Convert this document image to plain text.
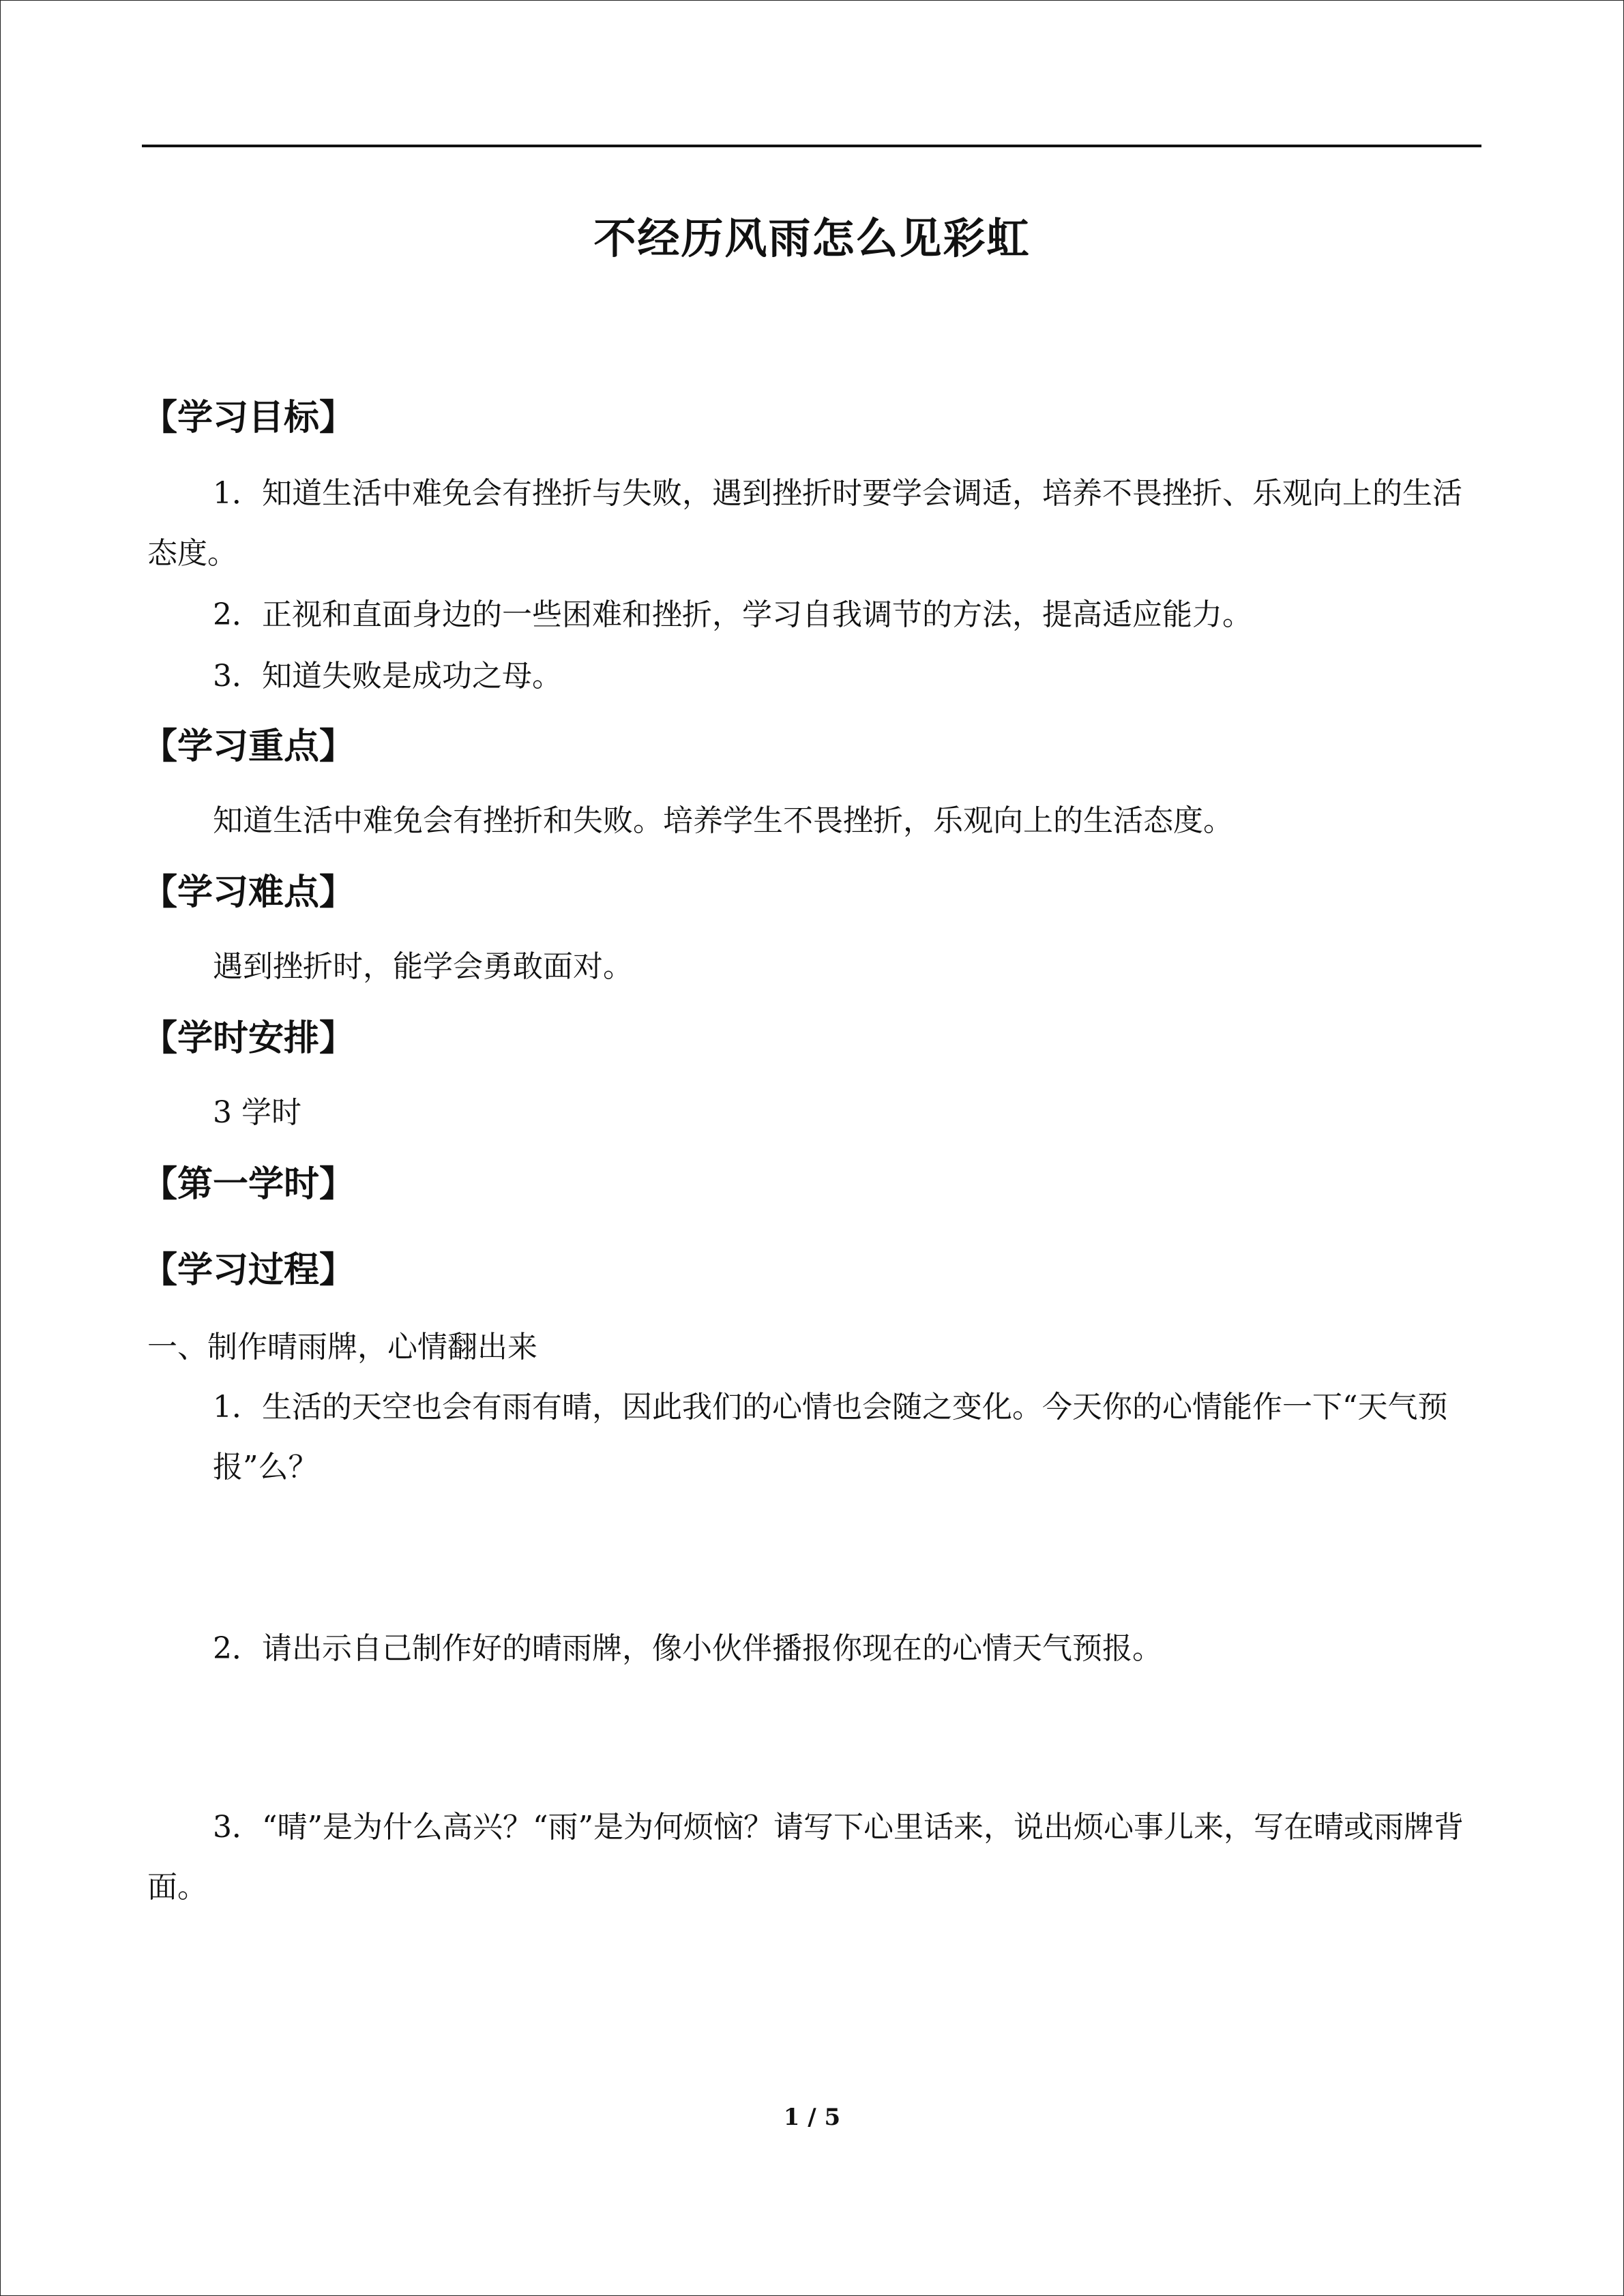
不经历风雨怎么见彩虹
【学习目标】
1．知道生活中难免会有挫折与失败，遇到挫折时要学会调适，培养不畏挫折、乐观向上的生活态度。
2．正视和直面身边的一些困难和挫折，学习自我调节的方法，提高适应能力。
3．知道失败是成功之母。
【学习重点】
知道生活中难免会有挫折和失败。培养学生不畏挫折，乐观向上的生活态度。
【学习难点】
遇到挫折时，能学会勇敢面对。
【学时安排】
3 学时
【第一学时】
【学习过程】
一、制作晴雨牌，心情翻出来
1．生活的天空也会有雨有晴，因此我们的心情也会随之变化。今天你的心情能作一下“天气预报”么？
2．请出示自己制作好的晴雨牌，像小伙伴播报你现在的心情天气预报。
3．“晴”是为什么高兴？“雨”是为何烦恼？请写下心里话来，说出烦心事儿来，写在晴或雨牌背面。
1 / 5
